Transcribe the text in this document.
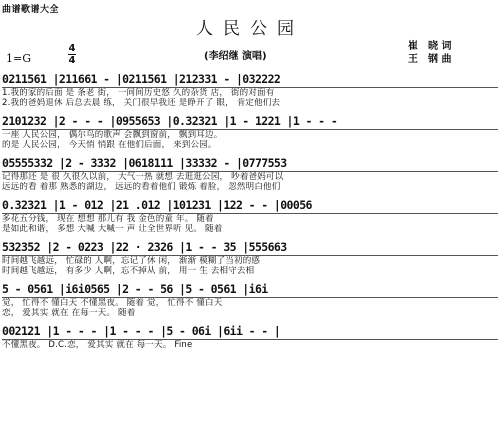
曲谱歌谱大全
人民公园
1=G
4
4	(李绍继 演唱)
崔　晓 词
王　钢 曲
0211561 |211661 - |0211561 |212331 - |032222
1.我的家的后面 是 条老 街， 一间间历史悠 久的杂货 店， 街的对面有
2.我的爸妈退休 后总去晨 练， 关门很早我还 是睁开了 眼， 肯定他们去
2101232 |2 - - - |0955653 |0.32321 |1 - 1221 |1 - - -
一座 人民公园， 偶尔鸟的歌声 会飘到窗前， 飘到耳边。
的是 人民公园， 今天悄 悄跟 在他们后面， 来到公园。
05555332 |2 - 3332 |0618111 |33332 - |0777553
记得那还 是 很 久很久以前， 大气一热 就想 去逛逛公园， 吵着爸妈可以
远远的看 着那 熟悉的湖边， 远远的看着他们 锻炼 着脸， 忽然明白他们
0.32321 |1 - 012 |21 .012 |101231 |122 - - |00056
多花五分钱， 现在 想想 那儿有 我 金色的童 年。 随着
是如此和谐， 多想 大喊 大喊一 声 让全世界听 见。 随着
532352 |2 - 0223 |22 · 2326 |1 - - 35 |555663
时间越飞越远， 忙碌的 人啊，忘记了休 闲， 渐渐 模糊了当初的感
时间越飞越远， 有多少 人啊，忘不掉从 前， 用一 生 去相守去相
5 - 0561 |i6i0565 |2 - - 56 |5 - 0561 |i6i
觉， 忙得不 懂白天 不懂黑夜。 随着 觉， 忙得不 懂白天
恋， 爱其实 就在 在每一天。 随着
002121 |1 - - - |1 - - - |5 - 06i |6ii - - |
不懂黑夜。 D.C.恋， 爱其实 就在 每一天。 Fine
